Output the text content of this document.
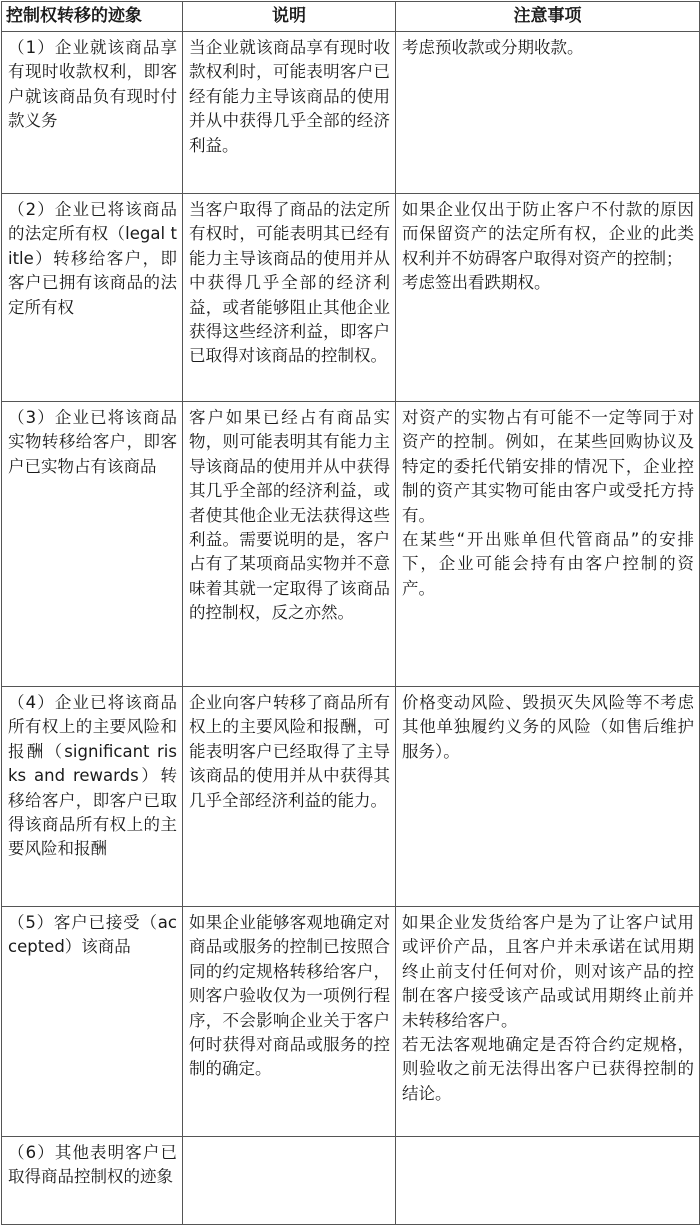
控制权转移的迹象	说明	注意事项
（1）企业就该商品享有现时收款权利，即客户就该商品负有现时付款义务	当企业就该商品享有现时收款权利时，可能表明客户已经有能力主导该商品的使用并从中获得几乎全部的经济利益。	考虑预收款或分期收款。

（2）企业已将该商品的法定所有权（legal title）转移给客户，即客户已拥有该商品的法定所有权	当客户取得了商品的法定所有权时，可能表明其已经有能力主导该商品的使用并从中获得几乎全部的经济利益，或者能够阻止其他企业获得这些经济利益，即客户已取得对该商品的控制权。	如果企业仅出于防止客户不付款的原因而保留资产的法定所有权，企业的此类权利并不妨碍客户取得对资产的控制；
考虑签出看跌期权。

（3）企业已将该商品实物转移给客户，即客户已实物占有该商品	客户如果已经占有商品实物，则可能表明其有能力主导该商品的使用并从中获得其几乎全部的经济利益，或者使其他企业无法获得这些利益。需要说明的是，客户占有了某项商品实物并不意味着其就一定取得了该商品的控制权，反之亦然。	对资产的实物占有可能不一定等同于对资产的控制。例如，在某些回购协议及特定的委托代销安排的情况下，企业控制的资产其实物可能由客户或受托方持有。
在某些“开出账单但代管商品”的安排下，企业可能会持有由客户控制的资产。

（4）企业已将该商品所有权上的主要风险和报酬（significant risks and rewards）转移给客户，即客户已取得该商品所有权上的主要风险和报酬	企业向客户转移了商品所有权上的主要风险和报酬，可能表明客户已经取得了主导该商品的使用并从中获得其几乎全部经济利益的能力。	价格变动风险、毁损灭失风险等不考虑其他单独履约义务的风险（如售后维护服务）。

（5）客户已接受（accepted）该商品	如果企业能够客观地确定对商品或服务的控制已按照合同的约定规格转移给客户，则客户验收仅为一项例行程序，不会影响企业关于客户何时获得对商品或服务的控制的确定。	如果企业发货给客户是为了让客户试用或评价产品，且客户并未承诺在试用期终止前支付任何对价，则对该产品的控制在客户接受该产品或试用期终止前并未转移给客户。
若无法客观地确定是否符合约定规格，则验收之前无法得出客户已获得控制的结论。

（6）其他表明客户已取得商品控制权的迹象		
